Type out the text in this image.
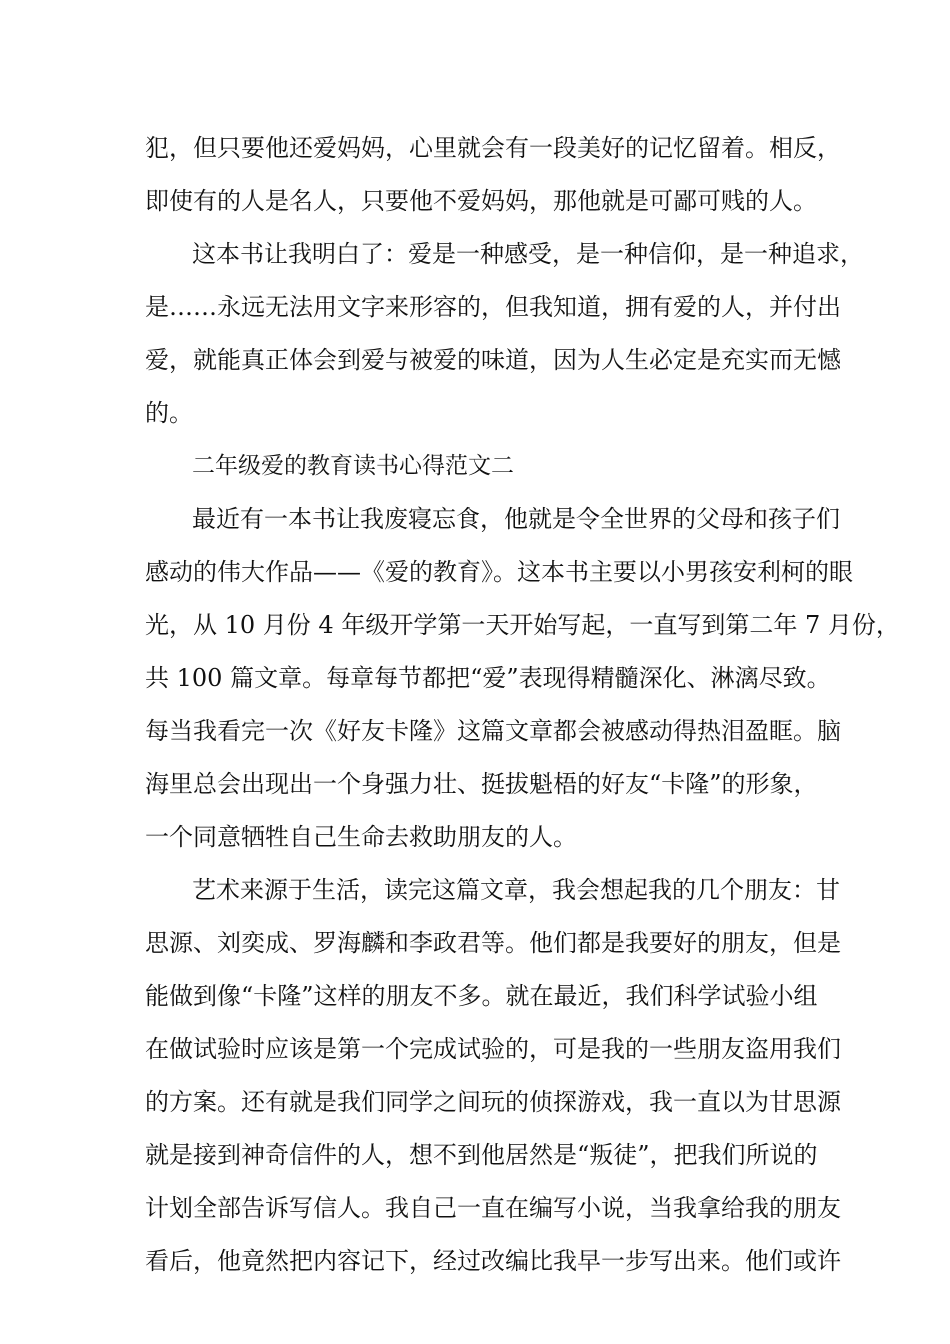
犯，但只要他还爱妈妈，心里就会有一段美好的记忆留着。相反，
即使有的人是名人，只要他不爱妈妈，那他就是可鄙可贱的人。
这本书让我明白了：爱是一种感受，是一种信仰，是一种追求，
是……永远无法用文字来形容的，但我知道，拥有爱的人，并付出
爱，就能真正体会到爱与被爱的味道，因为人生必定是充实而无憾
的。
二年级爱的教育读书心得范文二
最近有一本书让我废寝忘食，他就是令全世界的父母和孩子们
感动的伟大作品——《爱的教育》。这本书主要以小男孩安利柯的眼
光，从 10 月份 4 年级开学第一天开始写起，一直写到第二年 7 月份，
共 100 篇文章。每章每节都把“爱”表现得精髓深化、淋漓尽致。
每当我看完一次《好友卡隆》这篇文章都会被感动得热泪盈眶。脑
海里总会出现出一个身强力壮、挺拔魁梧的好友“卡隆”的形象，
一个同意牺牲自己生命去救助朋友的人。
艺术来源于生活，读完这篇文章，我会想起我的几个朋友：甘
思源、刘奕成、罗海麟和李政君等。他们都是我要好的朋友，但是
能做到像“卡隆”这样的朋友不多。就在最近，我们科学试验小组
在做试验时应该是第一个完成试验的，可是我的一些朋友盗用我们
的方案。还有就是我们同学之间玩的侦探游戏，我一直以为甘思源
就是接到神奇信件的人，想不到他居然是“叛徒”，把我们所说的
计划全部告诉写信人。我自己一直在编写小说，当我拿给我的朋友
看后，他竟然把内容记下，经过改编比我早一步写出来。他们或许
